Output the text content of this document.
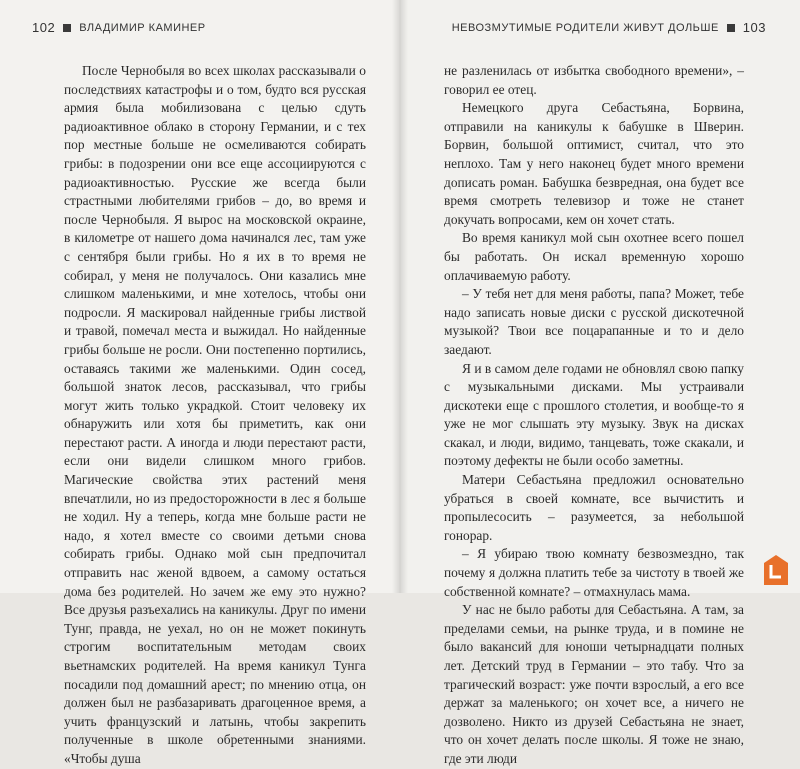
102 ВЛАДИМИР КАМИНЕР

После Чернобыля во всех школах рассказывали о последствиях катастрофы и о том, будто вся русская армия была мобилизована с целью сдуть радиоактивное облако в сторону Германии, и с тех пор местные больше не осмеливаются собирать грибы: в подозрении они все еще ассоциируются с радиоактивностью. Русские же всегда были страстными любителями грибов – до, во время и после Чернобыля. Я вырос на московской окраине, в километре от нашего дома начинался лес, там уже с сентября были грибы. Но я их в то время не собирал, у меня не получалось. Они казались мне слишком маленькими, и мне хотелось, чтобы они подросли. Я маскировал найденные грибы листвой и травой, помечал места и выжидал. Но найденные грибы больше не росли. Они постепенно портились, оставаясь такими же маленькими. Один сосед, большой знаток лесов, рассказывал, что грибы могут жить только украдкой. Стоит человеку их обнаружить или хотя бы приметить, как они перестают расти. А иногда и люди перестают расти, если они видели слишком много грибов. Магические свойства этих растений меня впечатлили, но из предосторожности в лес я больше не ходил. Ну а теперь, когда мне больше расти не надо, я хотел вместе со своими детьми снова собирать грибы. Однако мой сын предпочитал отправить нас женой вдвоем, а самому остаться дома без родителей. Но зачем же ему это нужно? Все друзья разъехались на каникулы. Друг по имени Тунг, правда, не уехал, но он не может покинуть строгим воспитательным методам своих вьетнамских родителей. На время каникул Тунга посадили под домашний арест; по мнению отца, он должен был не разбазаривать драгоценное время, а учить французский и латынь, чтобы закрепить полученные в школе обретенными знаниями. «Чтобы душа

НЕВОЗМУТИМЫЕ РОДИТЕЛИ ЖИВУТ ДОЛЬШЕ 103

не разленилась от избытка свободного времени», – говорил ее отец.

Немецкого друга Себастьяна, Борвина, отправили на каникулы к бабушке в Шверин. Борвин, большой оптимист, считал, что это неплохо. Там у него наконец будет много времени дописать роман. Бабушка безвредная, она будет все время смотреть телевизор и тоже не станет докучать вопросами, кем он хочет стать.

Во время каникул мой сын охотнее всего пошел бы работать. Он искал временную хорошо оплачиваемую работу.

– У тебя нет для меня работы, папа? Может, тебе надо записать новые диски с русской дискотечной музыкой? Твои все поцарапанные и то и дело заедают.

Я и в самом деле годами не обновлял свою папку с музыкальными дисками. Мы устраивали дискотеки еще с прошлого столетия, и вообще-то я уже не мог слышать эту музыку. Звук на дисках скакал, и люди, видимо, танцевать, тоже скакали, и поэтому дефекты не были особо заметны.

Матери Себастьяна предложил основательно убраться в своей комнате, все вычистить и пропылесосить – разумеется, за небольшой гонорар.

– Я убираю твою комнату безвозмездно, так почему я должна платить тебе за чистоту в твоей же собственной комнате? – отмахнулась мама.

У нас не было работы для Себастьяна. А там, за пределами семьи, на рынке труда, и в помине не было вакансий для юноши четырнадцати полных лет. Детский труд в Германии – это табу. Что за трагический возраст: уже почти взрослый, а его все держат за маленького; он хочет все, а ничего не дозволено. Никто из друзей Себастьяна не знает, что он хочет делать после школы. Я тоже не знаю, где эти люди
